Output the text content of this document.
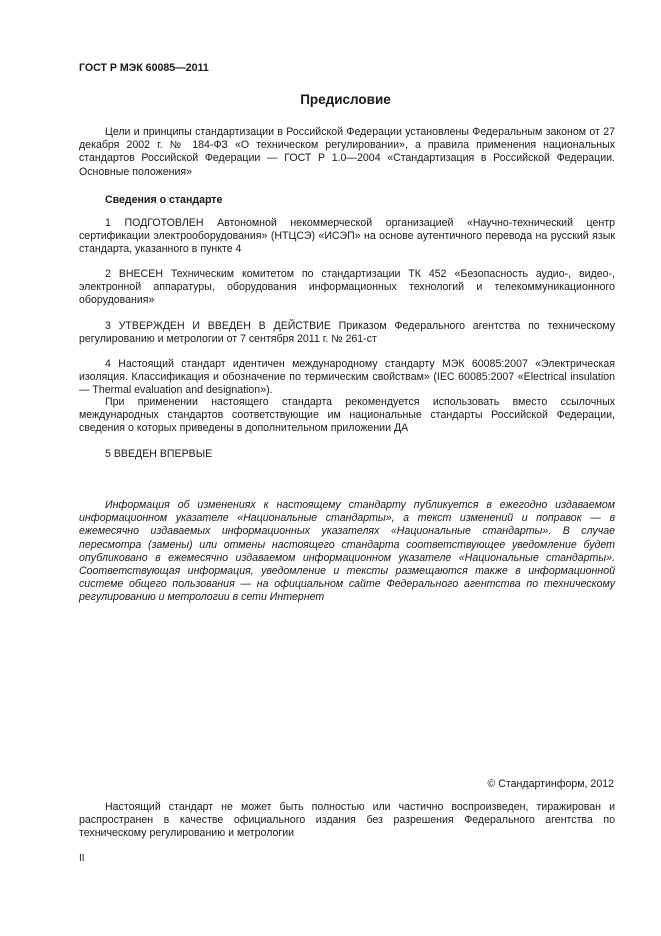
ГОСТ Р МЭК 60085—2011
Предисловие
Цели и принципы стандартизации в Российской Федерации установлены Федеральным законом от 27 декабря 2002 г. № 184-ФЗ «О техническом регулировании», а правила применения национальных стандартов Российской Федерации — ГОСТ Р 1.0—2004 «Стандартизация в Российской Федерации. Основные положения»
Сведения о стандарте
1 ПОДГОТОВЛЕН Автономной некоммерческой организацией «Научно-технический центр сертификации электрооборудования» (НТЦСЭ) «ИСЭП» на основе аутентичного перевода на русский язык стандарта, указанного в пункте 4
2 ВНЕСЕН Техническим комитетом по стандартизации ТК 452 «Безопасность аудио-, видео-, электронной аппаратуры, оборудования информационных технологий и телекоммуникационного оборудования»
3 УТВЕРЖДЕН И ВВЕДЕН В ДЕЙСТВИЕ Приказом Федерального агентства по техническому регулированию и метрологии от 7 сентября 2011 г. № 261-ст
4 Настоящий стандарт идентичен международному стандарту МЭК 60085:2007 «Электрическая изоляция. Классификация и обозначение по термическим свойствам» (IEC 60085:2007 «Electrical insulation — Thermal evaluation and designation»).
При применении настоящего стандарта рекомендуется использовать вместо ссылочных международных стандартов соответствующие им национальные стандарты Российской Федерации, сведения о которых приведены в дополнительном приложении ДА
5 ВВЕДЕН ВПЕРВЫЕ
Информация об изменениях к настоящему стандарту публикуется в ежегодно издаваемом информационном указателе «Национальные стандарты», а текст изменений и поправок — в ежемесячно издаваемых информационных указателях «Национальные стандарты». В случае пересмотра (замены) или отмены настоящего стандарта соответствующее уведомление будет опубликовано в ежемесячно издаваемом информационном указателе «Национальные стандарты». Соответствующая информация, уведомление и тексты размещаются также в информационной системе общего пользования — на официальном сайте Федерального агентства по техническому регулированию и метрологии в сети Интернет
© Стандартинформ, 2012
Настоящий стандарт не может быть полностью или частично воспроизведен, тиражирован и распространен в качестве официального издания без разрешения Федерального агентства по техническому регулированию и метрологии
II
